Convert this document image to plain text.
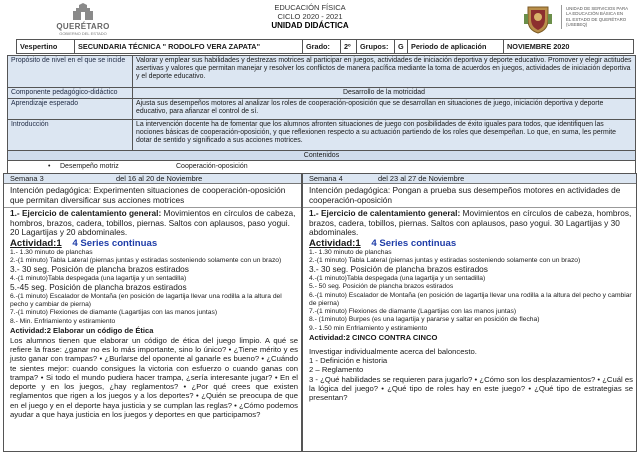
QUERÉTARO
GOBIERNO DEL ESTADO
EDUCACIÓN FÍSICA
CICLO 2020 - 2021
UNIDAD DIDÁCTICA
UNIDAD DE SERVICIOS PARA
LA EDUCACIÓN BÁSICA EN
EL ESTADO DE QUERÉTARO
(USEBEQ)
Vespertino	SECUNDARIA TÉCNICA " RODOLFO VERA ZAPATA"	Grado:	2º	Grupos:	G	Periodo de aplicación	NOVIEMBRE 2020
Propósito de nivel en el que se incide	Valorar y emplear sus habilidades y destrezas motrices al participar en juegos, actividades de iniciación deportiva y deporte educativo. Promover y elegir actitudes asertivas y valores que permitan manejar y resolver los conflictos de manera pacífica mediante la toma de acuerdos en juegos, actividades de iniciación deportiva y el deporte educativo.
Componente pedagógico-didáctico	Desarrollo de la motricidad
Aprendizaje esperado	Ajusta sus desempeños motores al analizar los roles de cooperación-oposición que se desarrollan en situaciones de juego, iniciación deportiva y deporte educativo, para afianzar el control de sí.
Introducción	La intervención docente ha de fomentar que los alumnos afronten situaciones de juego con posibilidades de éxito iguales para todos, que identifiquen las nociones básicas de cooperación-oposición, y que reflexionen respecto a su actuación partiendo de los roles que desempeñan. Lo que, en suma, les permite dotar de sentido y significado a sus acciones motrices.
Contenidos
• Desempeño motriz	Cooperación-oposición
Semana 3	del 16 al 20 de Noviembre
Intención pedagógica: Experimenten situaciones de cooperación-oposición que permitan diversificar sus acciones motrices
1.- Ejercicio de calentamiento general: Movimientos en círculos de cabeza, hombros, brazos, cadera, tobillos, piernas. Saltos con aplausos, paso yogui. 20 Lagartijas y 20 abdominales.
Actividad:1 4 Series continuas
1.- 1.30 minuto de planchas
2.-(1 minuto) Tabla Lateral (piernas juntas y estiradas sosteniendo solamente con un brazo)
3.- 30 seg. Posición de plancha brazos estirados
4.-(1 minuto)Tabla despegada (una lagartija y un sentadilla)
5.-45 seg. Posición de plancha brazos estirados
6.-(1 minuto) Escalador de Montaña (en posición de lagartija llevar una rodilla a la altura del pecho y cambiar de pierna)
7.-(1 minuto) Flexiones de diamante (Lagartijas con las manos juntas)
8.- Min. Enfriamiento y estiramiento
Actividad:2 Elaborar un código de Ética
Los alumnos tienen que elaborar un código de ética del juego limpio. A qué se refiere la frase: ¿ganar no es lo más importante, sino lo único? • ¿Tiene mérito y es justo ganar con trampas? • ¿Burlarse del oponente al ganarle es bueno? • ¿Cuándo te sientes mejor: cuando consigues la victoria con esfuerzo o cuando ganas con trampa? • Si todo el mundo pudiera hacer trampa, ¿sería interesante jugar? • En el deporte y en los juegos, ¿hay reglamentos? • ¿Por qué crees que existen reglamentos que rigen a los juegos y a los deportes? • ¿Quién se preocupa de que en el juego y en el deporte haya justicia y se cumplan las reglas? • ¿Cómo podemos ayudar a que haya justicia en los juegos y deportes en que participamos?
Semana 4	del 23 al 27 de Noviembre
Intención pedagógica: Pongan a prueba sus desempeños motores en actividades de cooperación-oposición
1.- Ejercicio de calentamiento general: Movimientos en círculos de cabeza, hombros, brazos, cadera, tobillos, piernas. Saltos con aplausos, paso yogui. 30 Lagartijas y 30 abdominales.
Actividad:1 4 Series continuas
1.- 1.30 minuto de planchas
2.-(1 minuto) Tabla Lateral (piernas juntas y estiradas sosteniendo solamente con un brazo)
3.- 30 seg. Posición de plancha brazos estirados
4.-(1 minuto)Tabla despegada (una lagartija y un sentadilla)
5.- 50 seg. Posición de plancha brazos estirados
6.-(1 minuto) Escalador de Montaña (en posición de lagartija llevar una rodilla a la altura del pecho y cambiar de pierna)
7.-(1 minuto) Flexiones de diamante (Lagartijas con las manos juntas)
8.- (1minuto) Burpes (es una lagartija y pararse y saltar en posición de flecha)
9.- 1.50 min Enfriamiento y estiramiento
Actividad:2 CINCO CONTRA CINCO
Investigar individualmente acerca del baloncesto.
1 - Definición e historia
2 – Reglamento
3 - ¿Qué habilidades se requieren para jugarlo? • ¿Cómo son los desplazamientos? • ¿Cuál es la lógica del juego? • ¿Qué tipo de roles hay en este juego? • ¿Qué tipo de estrategias se presentan?
